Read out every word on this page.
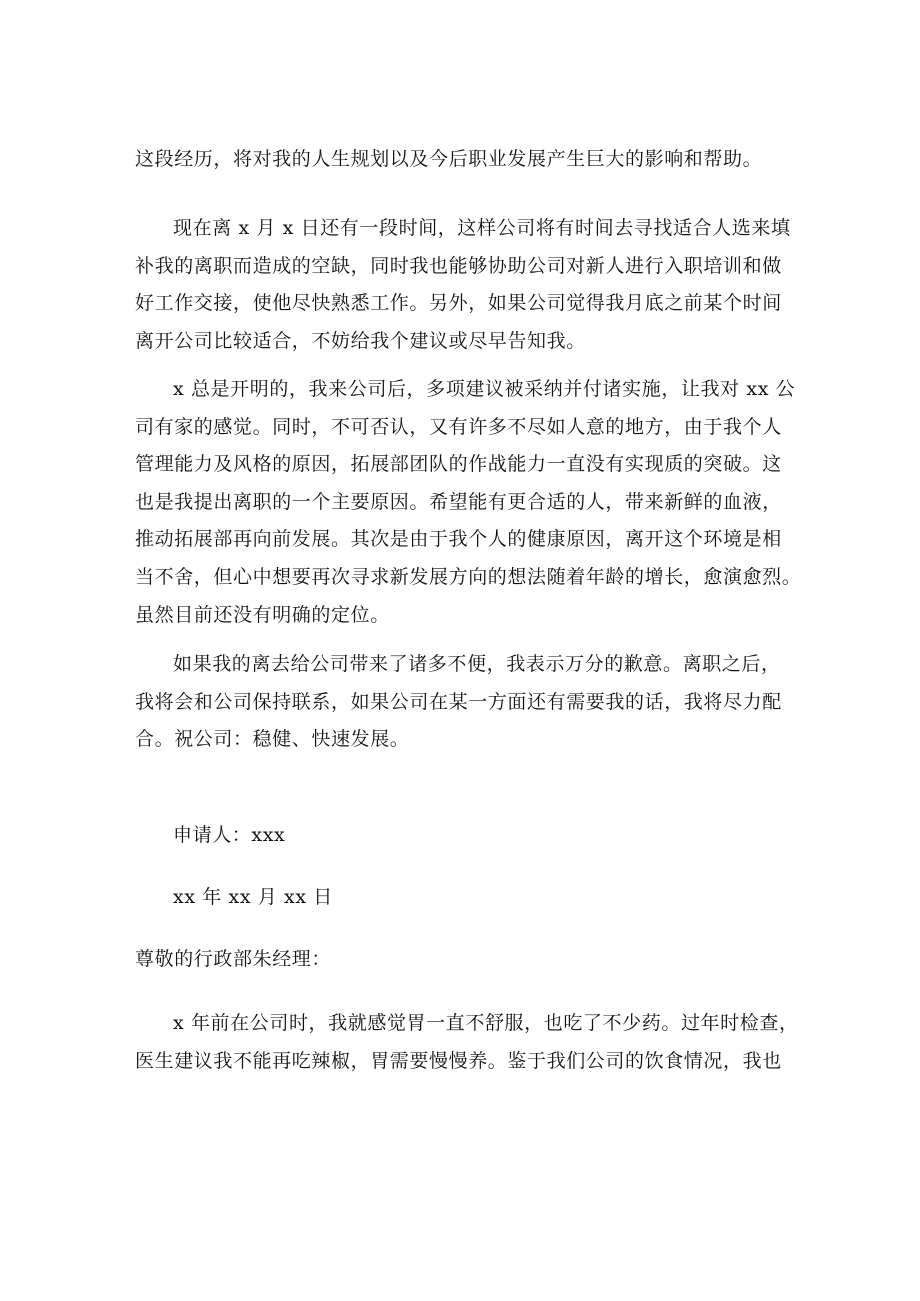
这段经历，将对我的人生规划以及今后职业发展产生巨大的影响和帮助。
现在离 x 月 x 日还有一段时间，这样公司将有时间去寻找适合人选来填
补我的离职而造成的空缺，同时我也能够协助公司对新人进行入职培训和做
好工作交接，使他尽快熟悉工作。另外，如果公司觉得我月底之前某个时间
离开公司比较适合，不妨给我个建议或尽早告知我。
x 总是开明的，我来公司后，多项建议被采纳并付诸实施，让我对 xx 公
司有家的感觉。同时，不可否认，又有许多不尽如人意的地方，由于我个人
管理能力及风格的原因，拓展部团队的作战能力一直没有实现质的突破。这
也是我提出离职的一个主要原因。希望能有更合适的人，带来新鲜的血液，
推动拓展部再向前发展。其次是由于我个人的健康原因，离开这个环境是相
当不舍，但心中想要再次寻求新发展方向的想法随着年龄的增长，愈演愈烈。
虽然目前还没有明确的定位。
如果我的离去给公司带来了诸多不便，我表示万分的歉意。离职之后，
我将会和公司保持联系，如果公司在某一方面还有需要我的话，我将尽力配
合。祝公司：稳健、快速发展。
申请人：xxx
xx 年 xx 月 xx 日
尊敬的行政部朱经理：
x 年前在公司时，我就感觉胃一直不舒服，也吃了不少药。过年时检查，
医生建议我不能再吃辣椒，胃需要慢慢养。鉴于我们公司的饮食情况，我也
